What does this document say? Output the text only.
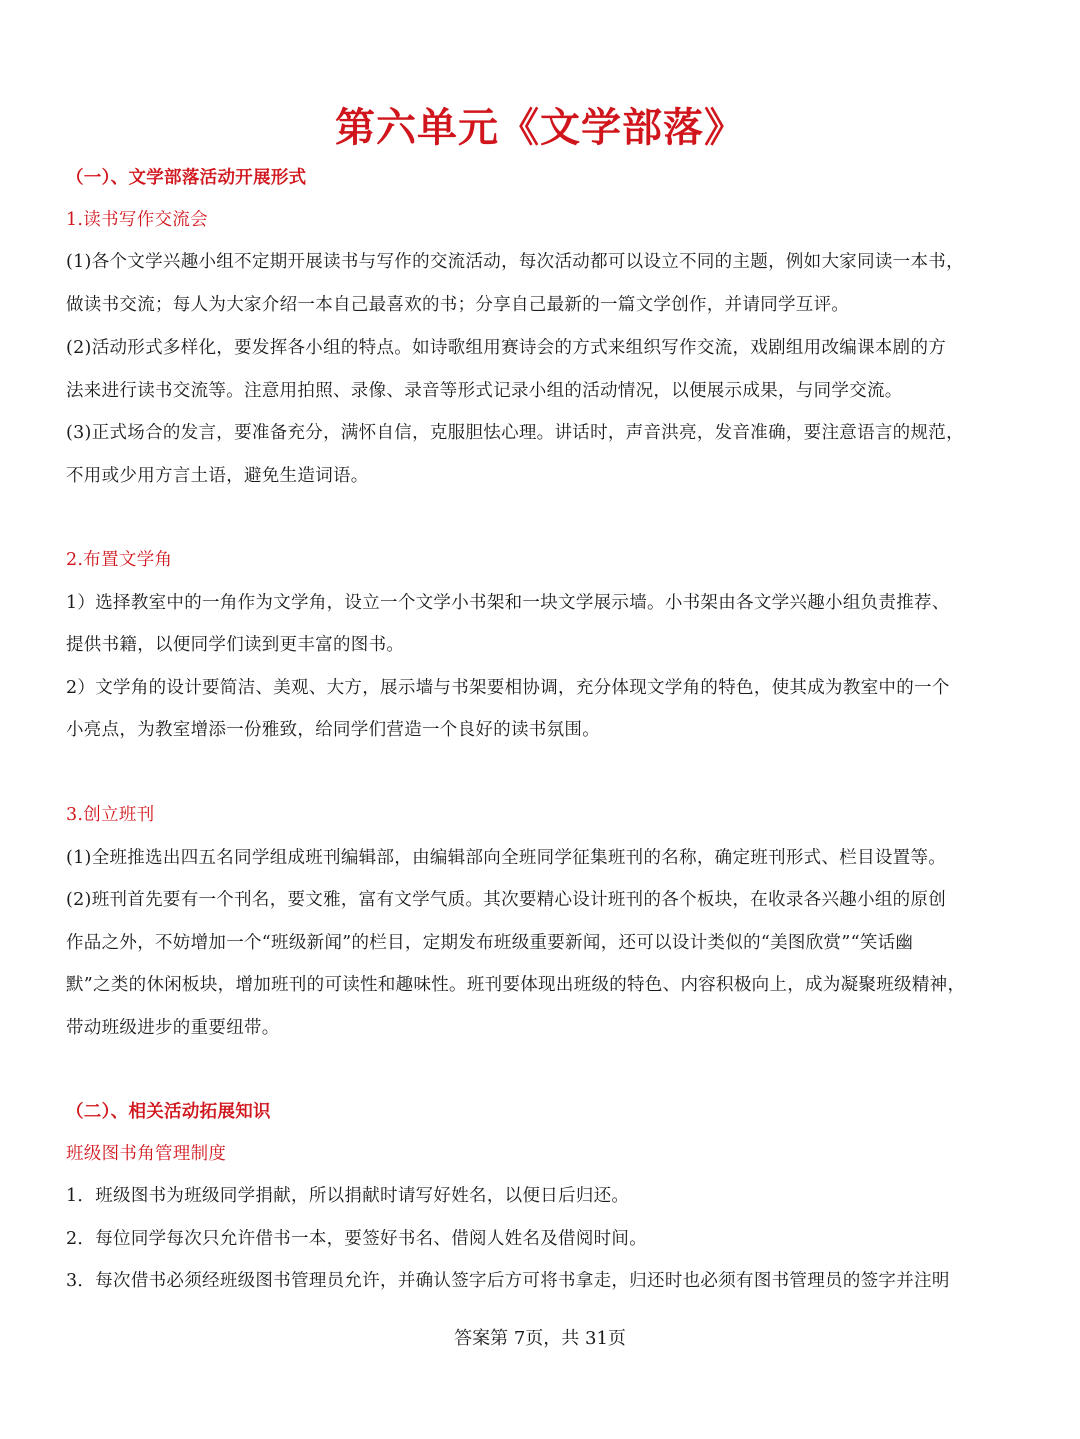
第六单元《文学部落》
（一）、文学部落活动开展形式
1.读书写作交流会
(1)各个文学兴趣小组不定期开展读书与写作的交流活动，每次活动都可以设立不同的主题，例如大家同读一本书，
做读书交流；每人为大家介绍一本自己最喜欢的书；分享自己最新的一篇文学创作，并请同学互评。
(2)活动形式多样化，要发挥各小组的特点。如诗歌组用赛诗会的方式来组织写作交流，戏剧组用改编课本剧的方
法来进行读书交流等。注意用拍照、录像、录音等形式记录小组的活动情况，以便展示成果，与同学交流。
(3)正式场合的发言，要准备充分，满怀自信，克服胆怯心理。讲话时，声音洪亮，发音准确，要注意语言的规范，
不用或少用方言土语，避免生造词语。
2.布置文学角
1）选择教室中的一角作为文学角，设立一个文学小书架和一块文学展示墙。小书架由各文学兴趣小组负责推荐、
提供书籍，以便同学们读到更丰富的图书。
2）文学角的设计要简洁、美观、大方，展示墙与书架要相协调，充分体现文学角的特色，使其成为教室中的一个
小亮点，为教室增添一份雅致，给同学们营造一个良好的读书氛围。
3.创立班刊
(1)全班推选出四五名同学组成班刊编辑部，由编辑部向全班同学征集班刊的名称，确定班刊形式、栏目设置等。
(2)班刊首先要有一个刊名，要文雅，富有文学气质。其次要精心设计班刊的各个板块，在收录各兴趣小组的原创
作品之外，不妨增加一个“班级新闻”的栏目，定期发布班级重要新闻，还可以设计类似的“美图欣赏”“笑话幽
默”之类的休闲板块，增加班刊的可读性和趣味性。班刊要体现出班级的特色、内容积极向上，成为凝聚班级精神，
带动班级进步的重要纽带。
（二）、相关活动拓展知识
班级图书角管理制度
1．班级图书为班级同学捐献，所以捐献时请写好姓名，以便日后归还。
2．每位同学每次只允许借书一本，要签好书名、借阅人姓名及借阅时间。
3．每次借书必须经班级图书管理员允许，并确认签字后方可将书拿走，归还时也必须有图书管理员的签字并注明
答案第 7页，共 31页
